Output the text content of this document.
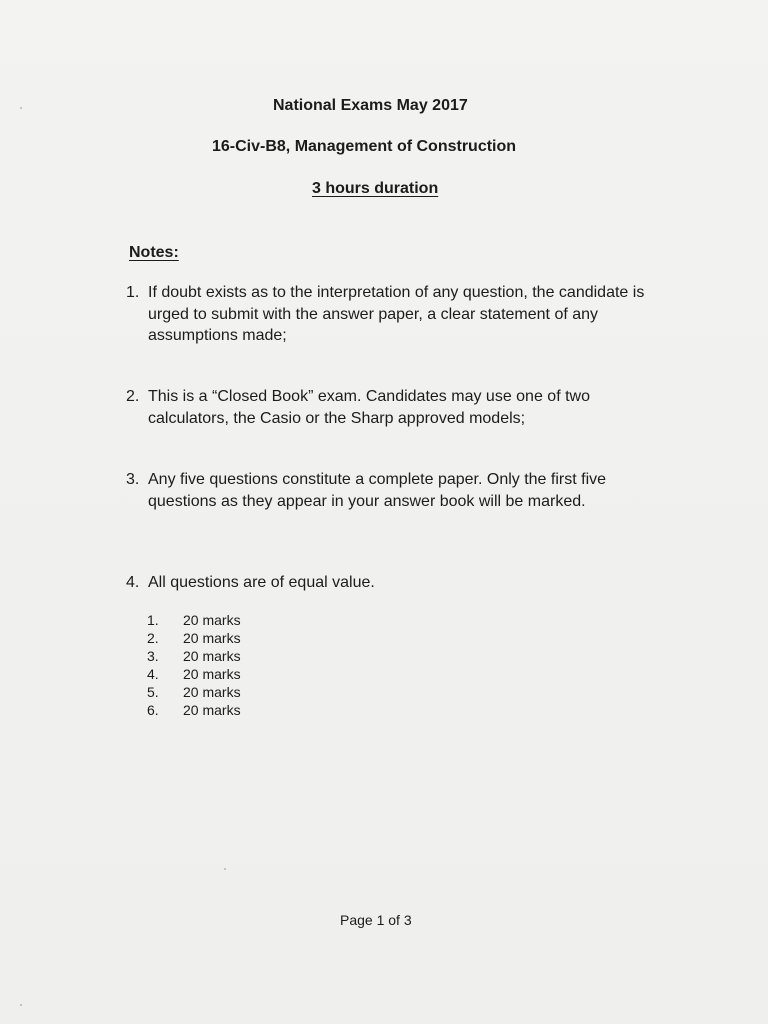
National Exams May 2017
16-Civ-B8, Management of Construction
3 hours duration
Notes:
1. If doubt exists as to the interpretation of any question, the candidate is urged to submit with the answer paper, a clear statement of any assumptions made;
2. This is a “Closed Book” exam. Candidates may use one of two calculators, the Casio or the Sharp approved models;
3. Any five questions constitute a complete paper. Only the first five questions as they appear in your answer book will be marked.
4. All questions are of equal value.
1. 20 marks
2. 20 marks
3. 20 marks
4. 20 marks
5. 20 marks
6. 20 marks
Page 1 of 3
